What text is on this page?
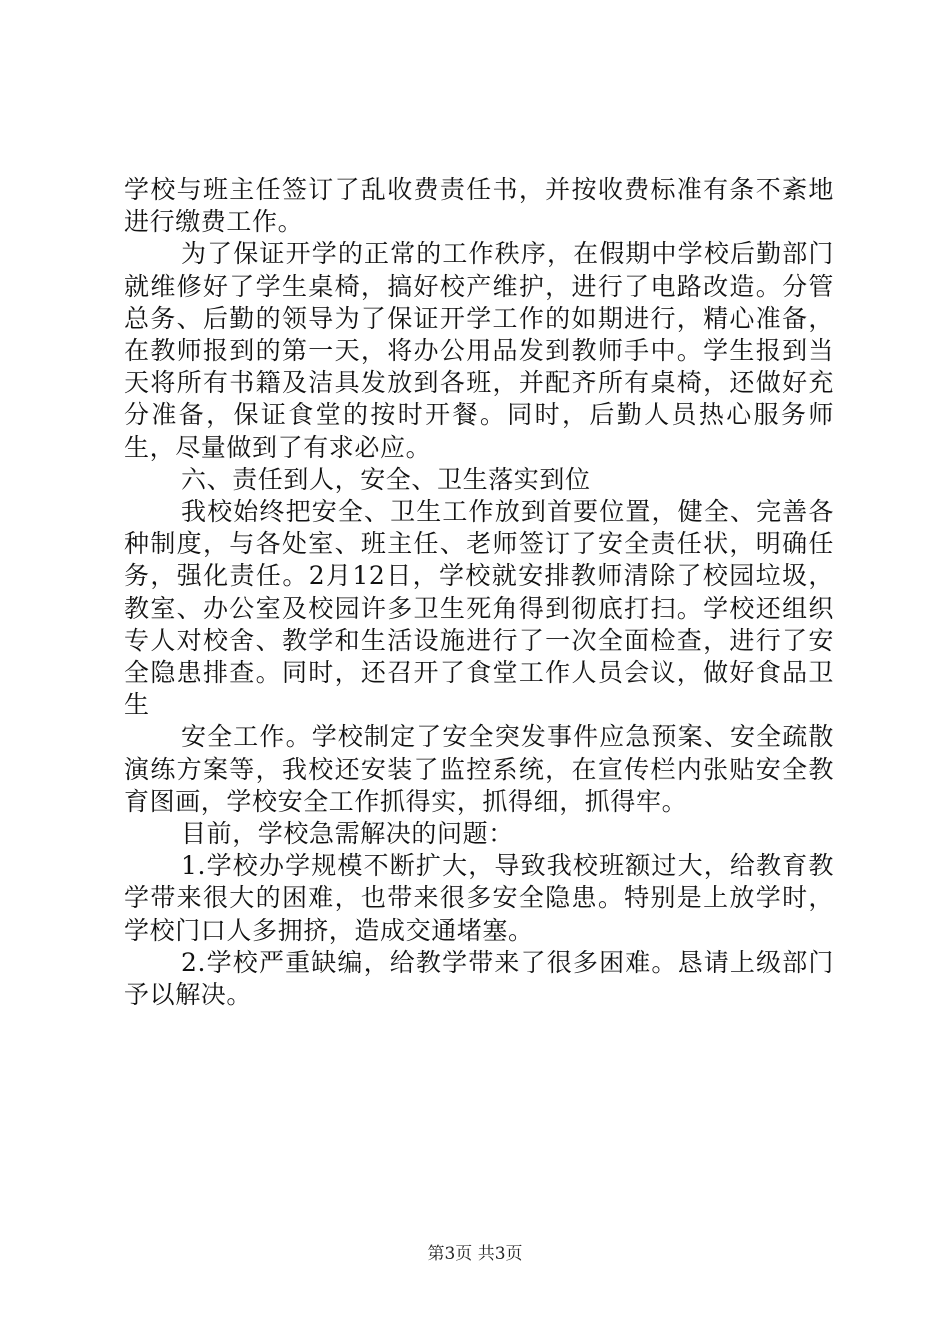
学校与班主任签订了乱收费责任书，并按收费标准有条不紊地进行缴费工作。

为了保证开学的正常的工作秩序，在假期中学校后勤部门就维修好了学生桌椅，搞好校产维护，进行了电路改造。分管总务、后勤的领导为了保证开学工作的如期进行，精心准备，在教师报到的第一天，将办公用品发到教师手中。学生报到当天将所有书籍及洁具发放到各班，并配齐所有桌椅，还做好充分准备，保证食堂的按时开餐。同时，后勤人员热心服务师生，尽量做到了有求必应。

六、责任到人，安全、卫生落实到位

我校始终把安全、卫生工作放到首要位置，健全、完善各种制度，与各处室、班主任、老师签订了安全责任状，明确任务，强化责任。2月12日，学校就安排教师清除了校园垃圾，教室、办公室及校园许多卫生死角得到彻底打扫。学校还组织专人对校舍、教学和生活设施进行了一次全面检查，进行了安全隐患排查。同时，还召开了食堂工作人员会议，做好食品卫生

安全工作。学校制定了安全突发事件应急预案、安全疏散演练方案等，我校还安装了监控系统，在宣传栏内张贴安全教育图画，学校安全工作抓得实，抓得细，抓得牢。

目前，学校急需解决的问题：

1.学校办学规模不断扩大，导致我校班额过大，给教育教学带来很大的困难，也带来很多安全隐患。特别是上放学时，学校门口人多拥挤，造成交通堵塞。

2.学校严重缺编，给教学带来了很多困难。恳请上级部门予以解决。

第3页 共3页
